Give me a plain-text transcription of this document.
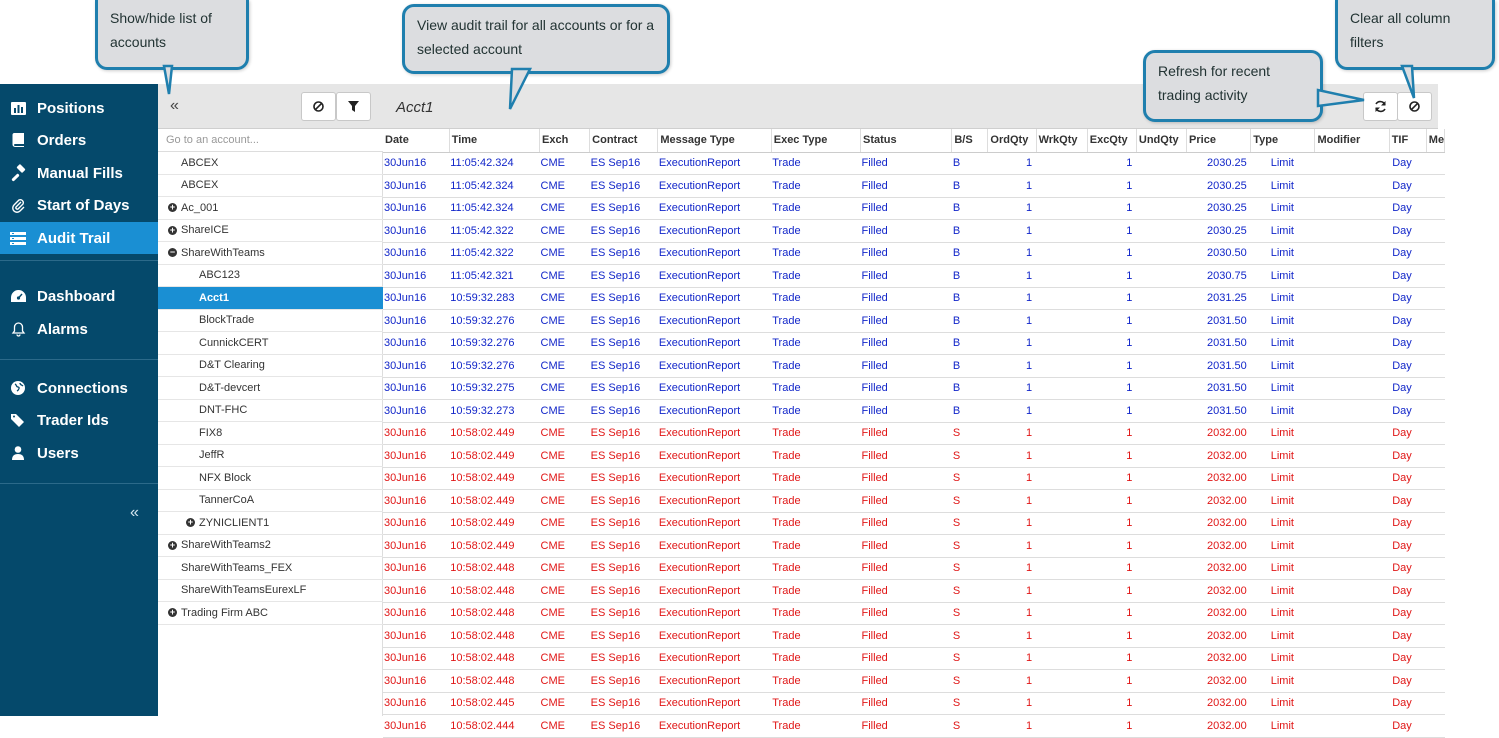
Positions
Orders
Manual Fills
Start of Days
Audit Trail
Dashboard
Alarms
Connections
Trader Ids
Users
«
«
Go to an account...
ABCEX
ABCEX
+ Ac_001
+ ShareICE
− ShareWithTeams
ABC123
Acct1
BlockTrade
CunnickCERT
D&T Clearing
D&T-devcert
DNT-FHC
FIX8
JeffR
NFX Block
TannerCoA
+ ZYNICLIENT1
+ ShareWithTeams2
ShareWithTeams_FEX
ShareWithTeamsEurexLF
+ Trading Firm ABC
Acct1
Date	Time	Exch	Contract	Message Type	Exec Type	Status	B/S	OrdQty	WrkQty	ExcQty	UndQty	Price	Type	Modifier	TIF	Me
30Jun16	11:05:42.324	CME	ES Sep16	ExecutionReport	Trade	Filled	B	1		1		2030.25	Limit		Day	
30Jun16	11:05:42.324	CME	ES Sep16	ExecutionReport	Trade	Filled	B	1		1		2030.25	Limit		Day	
30Jun16	11:05:42.324	CME	ES Sep16	ExecutionReport	Trade	Filled	B	1		1		2030.25	Limit		Day	
30Jun16	11:05:42.322	CME	ES Sep16	ExecutionReport	Trade	Filled	B	1		1		2030.25	Limit		Day	
30Jun16	11:05:42.322	CME	ES Sep16	ExecutionReport	Trade	Filled	B	1		1		2030.50	Limit		Day	
30Jun16	11:05:42.321	CME	ES Sep16	ExecutionReport	Trade	Filled	B	1		1		2030.75	Limit		Day	
30Jun16	10:59:32.283	CME	ES Sep16	ExecutionReport	Trade	Filled	B	1		1		2031.25	Limit		Day	
30Jun16	10:59:32.276	CME	ES Sep16	ExecutionReport	Trade	Filled	B	1		1		2031.50	Limit		Day	
30Jun16	10:59:32.276	CME	ES Sep16	ExecutionReport	Trade	Filled	B	1		1		2031.50	Limit		Day	
30Jun16	10:59:32.276	CME	ES Sep16	ExecutionReport	Trade	Filled	B	1		1		2031.50	Limit		Day	
30Jun16	10:59:32.275	CME	ES Sep16	ExecutionReport	Trade	Filled	B	1		1		2031.50	Limit		Day	
30Jun16	10:59:32.273	CME	ES Sep16	ExecutionReport	Trade	Filled	B	1		1		2031.50	Limit		Day	
30Jun16	10:58:02.449	CME	ES Sep16	ExecutionReport	Trade	Filled	S	1		1		2032.00	Limit		Day	
30Jun16	10:58:02.449	CME	ES Sep16	ExecutionReport	Trade	Filled	S	1		1		2032.00	Limit		Day	
30Jun16	10:58:02.449	CME	ES Sep16	ExecutionReport	Trade	Filled	S	1		1		2032.00	Limit		Day	
30Jun16	10:58:02.449	CME	ES Sep16	ExecutionReport	Trade	Filled	S	1		1		2032.00	Limit		Day	
30Jun16	10:58:02.449	CME	ES Sep16	ExecutionReport	Trade	Filled	S	1		1		2032.00	Limit		Day	
30Jun16	10:58:02.449	CME	ES Sep16	ExecutionReport	Trade	Filled	S	1		1		2032.00	Limit		Day	
30Jun16	10:58:02.448	CME	ES Sep16	ExecutionReport	Trade	Filled	S	1		1		2032.00	Limit		Day	
30Jun16	10:58:02.448	CME	ES Sep16	ExecutionReport	Trade	Filled	S	1		1		2032.00	Limit		Day	
30Jun16	10:58:02.448	CME	ES Sep16	ExecutionReport	Trade	Filled	S	1		1		2032.00	Limit		Day	
30Jun16	10:58:02.448	CME	ES Sep16	ExecutionReport	Trade	Filled	S	1		1		2032.00	Limit		Day	
30Jun16	10:58:02.448	CME	ES Sep16	ExecutionReport	Trade	Filled	S	1		1		2032.00	Limit		Day	
30Jun16	10:58:02.448	CME	ES Sep16	ExecutionReport	Trade	Filled	S	1		1		2032.00	Limit		Day	
30Jun16	10:58:02.445	CME	ES Sep16	ExecutionReport	Trade	Filled	S	1		1		2032.00	Limit		Day	
30Jun16	10:58:02.444	CME	ES Sep16	ExecutionReport	Trade	Filled	S	1		1		2032.00	Limit		Day	
Show/hide list of accounts
View audit trail for all accounts or for a selected account
Refresh for recent trading activity
Clear all column filters
